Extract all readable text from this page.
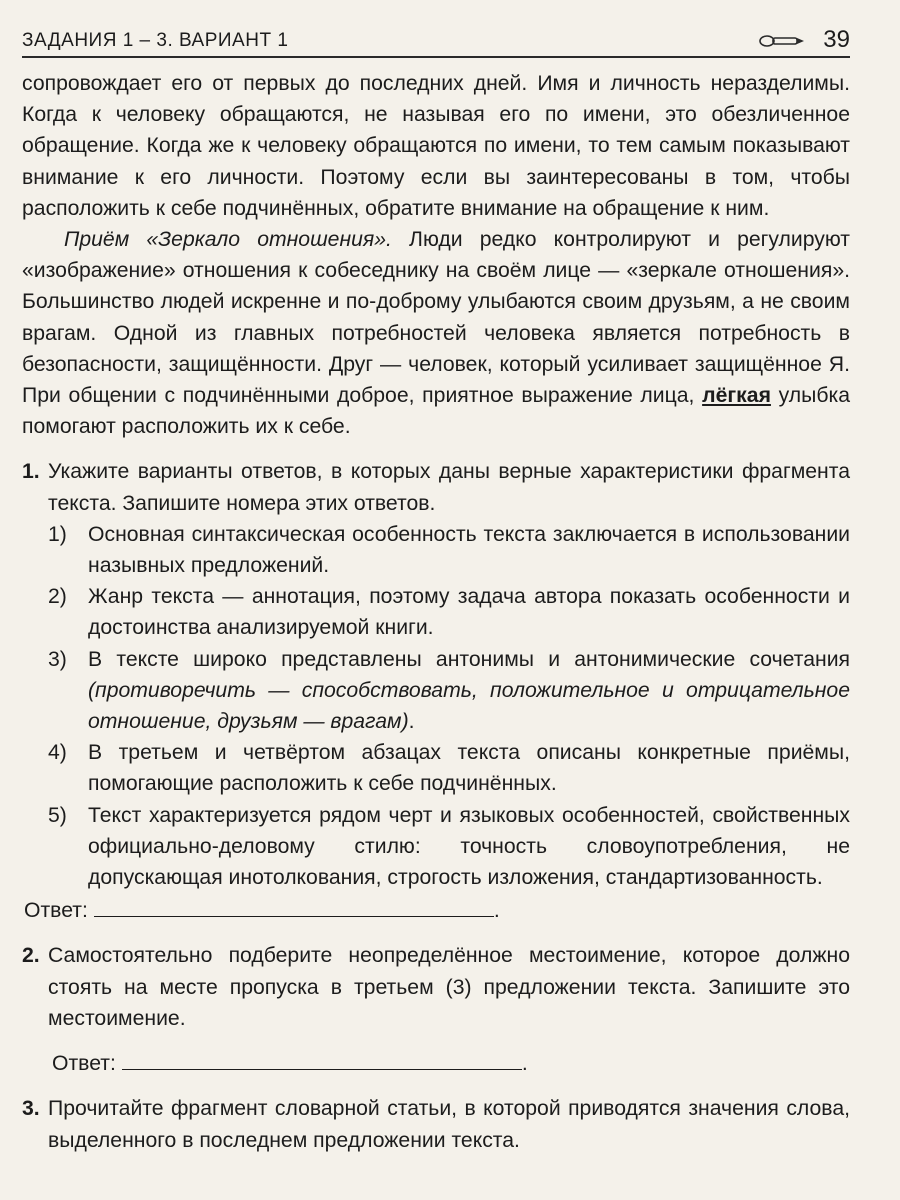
ЗАДАНИЯ 1 – 3. ВАРИАНТ 1	39

сопровождает его от первых до последних дней. Имя и личность неразделимы. Когда к человеку обращаются, не называя его по имени, это обезличенное обращение. Когда же к человеку обращаются по имени, то тем самым показывают внимание к его личности. Поэтому если вы заинтересованы в том, чтобы расположить к себе подчинённых, обратите внимание на обращение к ним.

Приём «Зеркало отношения». Люди редко контролируют и регулируют «изображение» отношения к собеседнику на своём лице — «зеркале отношения». Большинство людей искренне и по-доброму улыбаются своим друзьям, а не своим врагам. Одной из главных потребностей человека является потребность в безопасности, защищённости. Друг — человек, который усиливает защищённое Я. При общении с подчинёнными доброе, приятное выражение лица, лёгкая улыбка помогают расположить их к себе.

1. Укажите варианты ответов, в которых даны верные характеристики фрагмента текста. Запишите номера этих ответов.
1) Основная синтаксическая особенность текста заключается в использовании назывных предложений.
2) Жанр текста — аннотация, поэтому задача автора показать особенности и достоинства анализируемой книги.
3) В тексте широко представлены антонимы и антонимические сочетания (противоречить — способствовать, положительное и отрицательное отношение, друзьям — врагам).
4) В третьем и четвёртом абзацах текста описаны конкретные приёмы, помогающие расположить к себе подчинённых.
5) Текст характеризуется рядом черт и языковых особенностей, свойственных официально-деловому стилю: точность словоупотребления, не допускающая инотолкования, строгость изложения, стандартизованность.
Ответ:	.
2. Самостоятельно подберите неопределённое местоимение, которое должно стоять на месте пропуска в третьем (3) предложении текста. Запишите это местоимение.
Ответ:	.
3. Прочитайте фрагмент словарной статьи, в которой приводятся значения слова, выделенного в последнем предложении текста.
